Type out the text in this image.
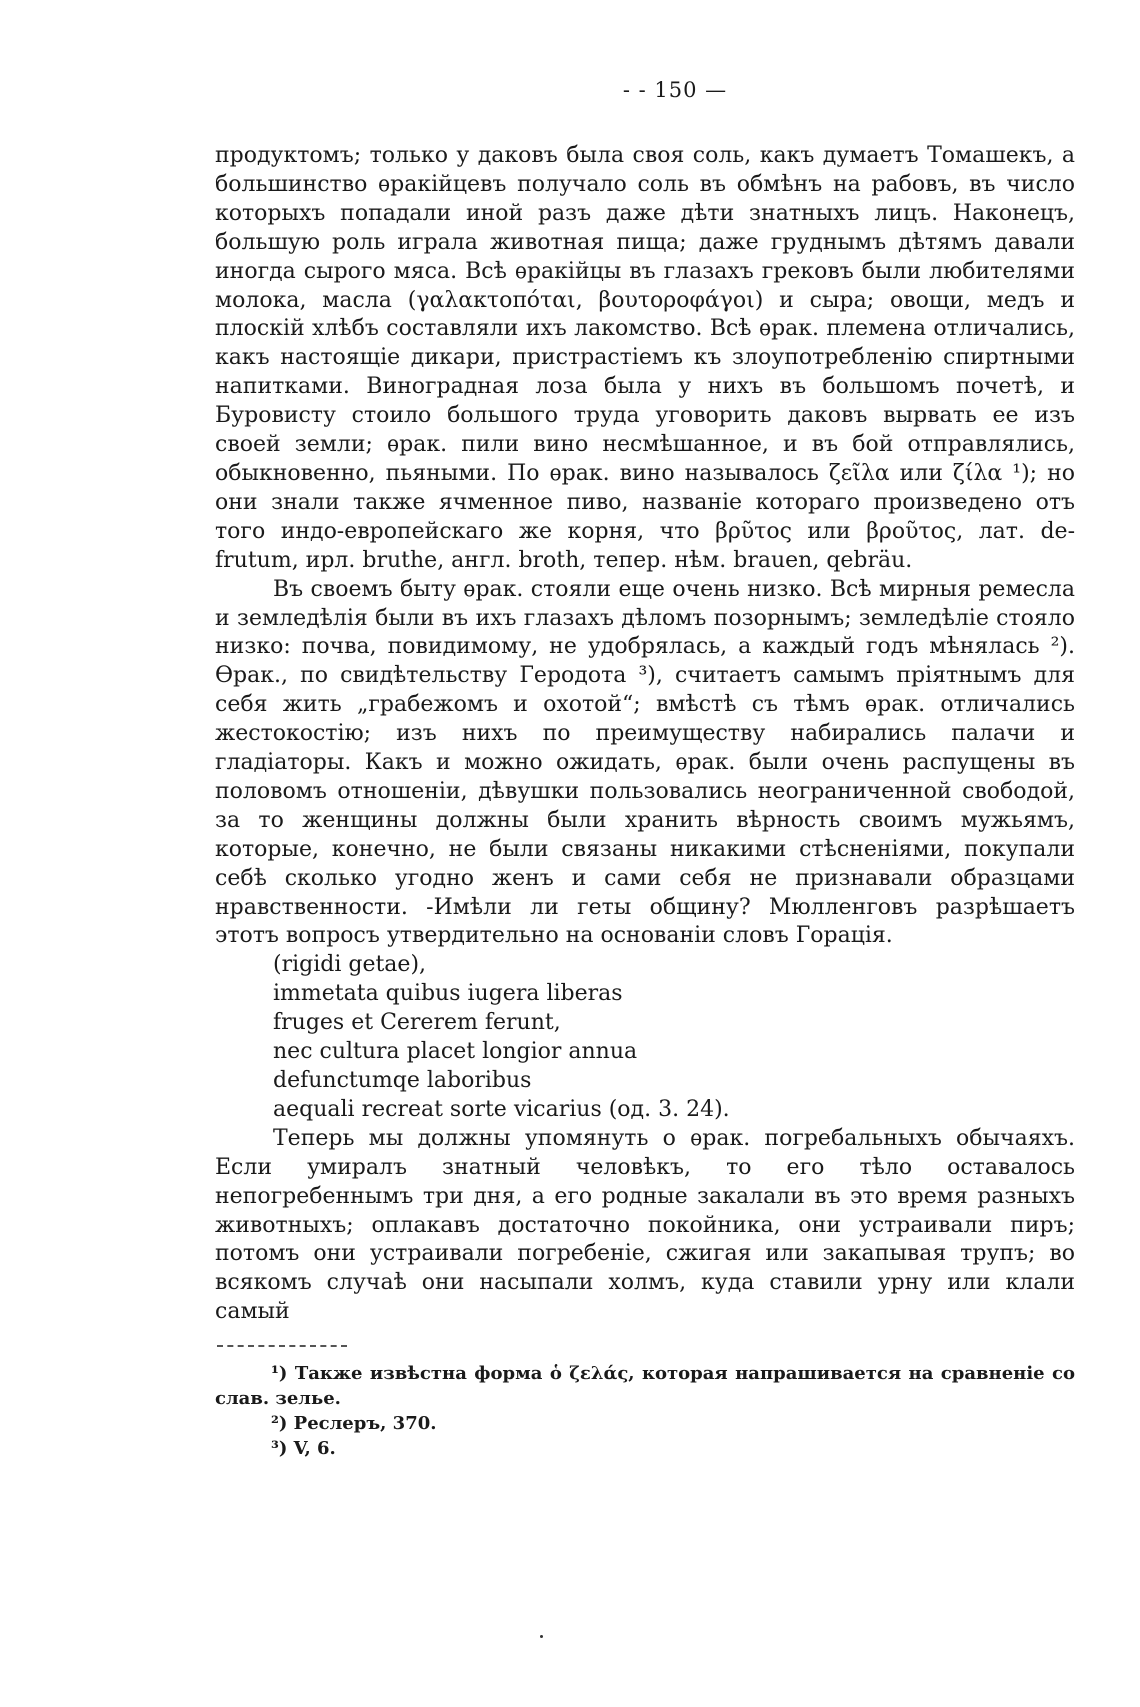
- - 150 —

продуктомъ; только у даковъ была своя соль, какъ думаетъ Томашекъ, а большинство ѳракійцевъ получало соль въ обмѣнъ на рабовъ, въ число которыхъ попадали иной разъ даже дѣти знатныхъ лицъ. Наконецъ, большую роль играла животная пища; даже груднымъ дѣтямъ давали иногда сырого мяса. Всѣ ѳракійцы въ глазахъ грековъ были любителями молока, масла (γαλακτοπόται, βουτοροφάγοι) и сыра; овощи, медъ и плоскій хлѣбъ составляли ихъ лакомство. Всѣ ѳрак. племена отличались, какъ настоящіе дикари, пристрастіемъ къ злоупотребленію спиртными напитками. Виноградная лоза была у нихъ въ большомъ почетѣ, и Буровисту стоило большого труда уговорить даковъ вырвать ее изъ своей земли; ѳрак. пили вино несмѣшанное, и въ бой отправлялись, обыкновенно, пьяными. По ѳрак. вино называлось ζεῖλα или ζίλα ¹); но они знали также ячменное пиво, названіе котораго произведено отъ того индо-европейскаго же корня, что βρῦτος или βροῦτος, лат. de-frutum, ирл. bruthe, англ. broth, тепер. нѣм. brauen, qebräu.

Въ своемъ быту ѳрак. стояли еще очень низко. Всѣ мирныя ремесла и земледѣлія были въ ихъ глазахъ дѣломъ позорнымъ; земледѣліе стояло низко: почва, повидимому, не удобрялась, а каждый годъ мѣнялась ²). Ѳрак., по свидѣтельству Геродота ³), считаетъ самымъ пріятнымъ для себя жить „грабежомъ и охотой“; вмѣстѣ съ тѣмъ ѳрак. отличались жестокостію; изъ нихъ по преимуществу набирались палачи и гладіаторы. Какъ и можно ожидать, ѳрак. были очень распущены въ половомъ отношеніи, дѣвушки пользовались неограниченной свободой, за то женщины должны были хранить вѣрность своимъ мужьямъ, которые, конечно, не были связаны никакими стѣсненіями, покупали себѣ сколько угодно женъ и сами себя не признавали образцами нравственности. -Имѣли ли геты общину? Мюлленговъ разрѣшаетъ этотъ вопросъ утвердительно на основаніи словъ Горація.

(rigidi getae),
immetata quibus iugera liberas
fruges et Cererem ferunt,
nec cultura placet longior annua
defunctumqe laboribus
aequali recreat sorte vicarius (од. 3. 24).

Теперь мы должны упомянуть о ѳрак. погребальныхъ обычаяхъ. Если умиралъ знатный человѣкъ, то его тѣло оставалось непогребеннымъ три дня, а его родные закалали въ это время разныхъ животныхъ; оплакавъ достаточно покойника, они устраивали пиръ; потомъ они устраивали погребеніе, сжигая или закапывая трупъ; во всякомъ случаѣ они насыпали холмъ, куда ставили урну или клали самый

¹) Также извѣстна форма ὁ ζελάς, которая напрашивается на сравненіе со слав. зелье.

²) Реслеръ, 370.

³) V, 6.
